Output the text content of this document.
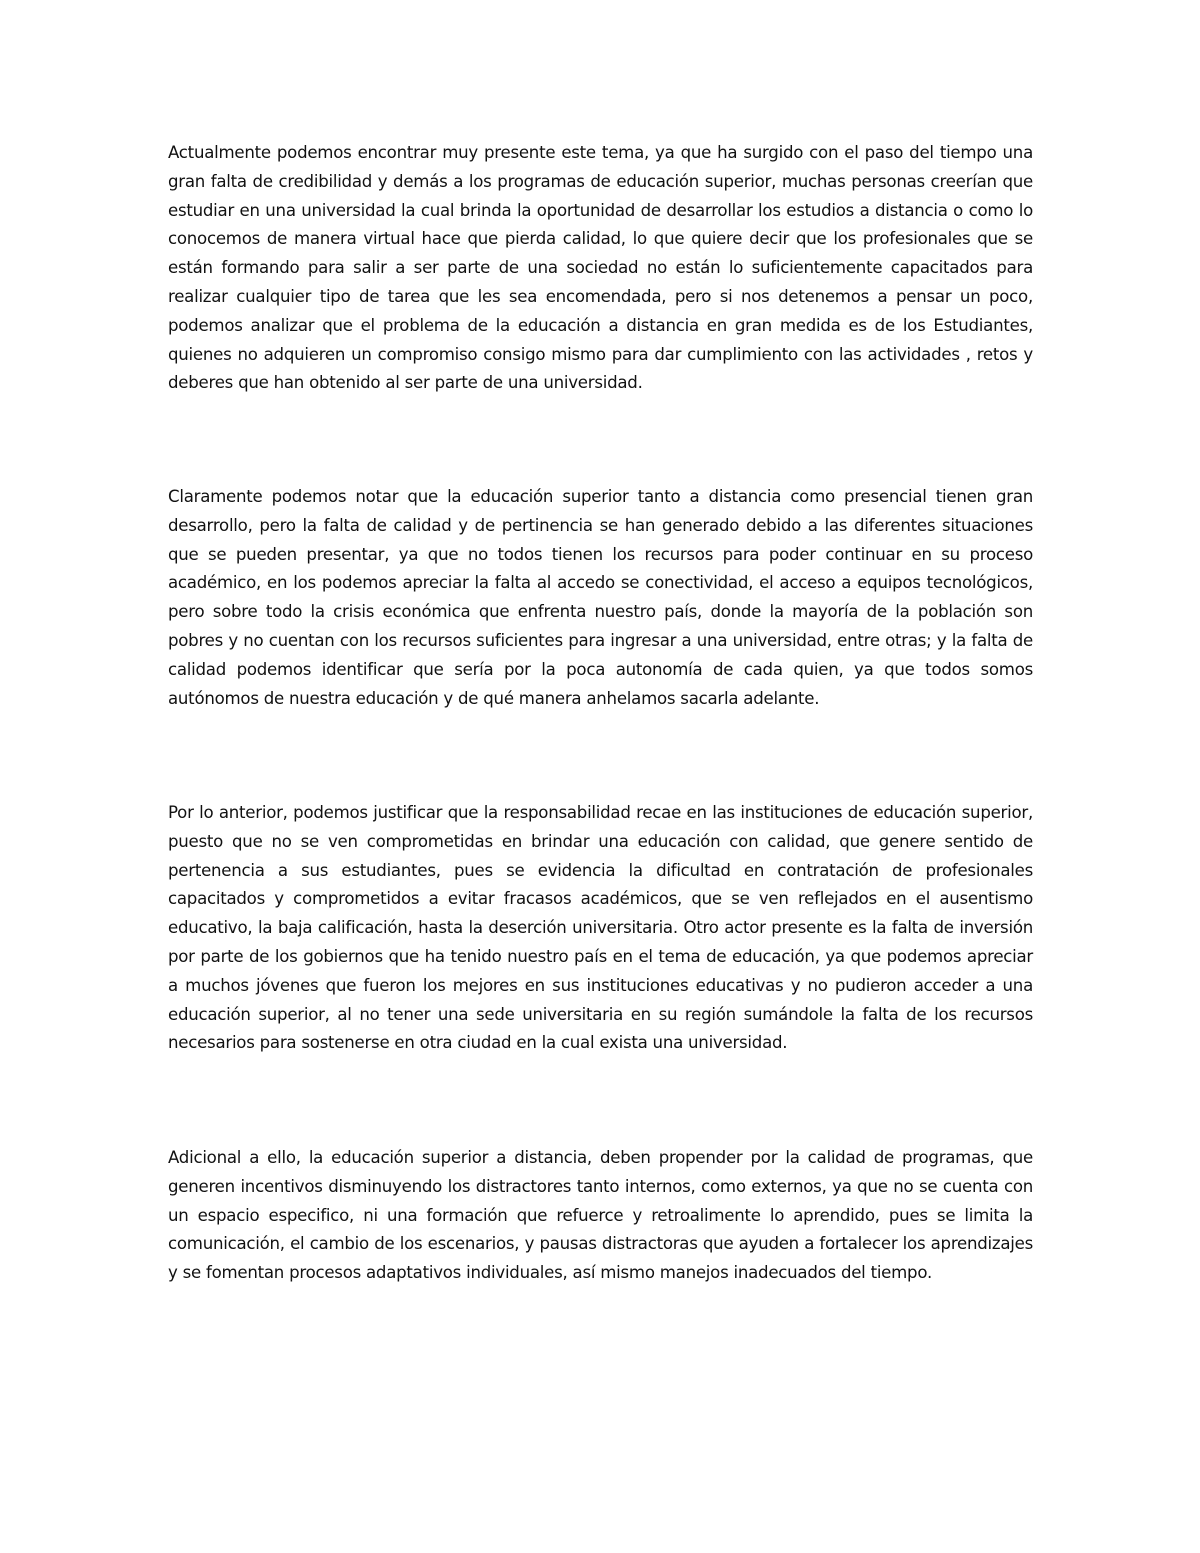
Actualmente podemos encontrar muy presente este tema, ya que ha surgido con el paso del tiempo una gran falta de credibilidad y demás a los programas de educación superior, muchas personas creerían que estudiar en una universidad la cual brinda la oportunidad de desarrollar los estudios a distancia o como lo conocemos de manera virtual hace que pierda calidad, lo que quiere decir que los profesionales que se están formando para salir a ser parte de una sociedad no están lo suficientemente capacitados para realizar cualquier tipo de tarea que les sea encomendada, pero si nos detenemos a pensar un poco, podemos analizar que el problema de la educación a distancia en gran medida es de los Estudiantes, quienes no adquieren un compromiso consigo mismo para dar cumplimiento con las actividades , retos y deberes que han obtenido al ser parte de una universidad.

Claramente podemos notar que la educación superior tanto a distancia como presencial tienen gran desarrollo, pero la falta de calidad y de pertinencia se han generado debido a las diferentes situaciones que se pueden presentar, ya que no todos tienen los recursos para poder continuar en su proceso académico, en los podemos apreciar la falta al accedo se conectividad, el acceso a equipos tecnológicos, pero sobre todo la crisis económica que enfrenta nuestro país, donde la mayoría de la población son pobres y no cuentan con los recursos suficientes para ingresar a una universidad, entre otras; y la falta de calidad podemos identificar que sería por la poca autonomía de cada quien, ya que todos somos autónomos de nuestra educación y de qué manera anhelamos sacarla adelante.

Por lo anterior, podemos justificar que la responsabilidad recae en las instituciones de educación superior, puesto que no se ven comprometidas en brindar una educación con calidad, que genere sentido de pertenencia a sus estudiantes, pues se evidencia la dificultad en contratación de profesionales capacitados y comprometidos a evitar fracasos académicos, que se ven reflejados en el ausentismo educativo, la baja calificación, hasta la deserción universitaria. Otro actor presente es la falta de inversión por parte de los gobiernos que ha tenido nuestro país en el tema de educación, ya que podemos apreciar a muchos jóvenes que fueron los mejores en sus instituciones educativas y no pudieron acceder a una educación superior, al no tener una sede universitaria en su región sumándole la falta de los recursos necesarios para sostenerse en otra ciudad en la cual exista una universidad.

Adicional a ello, la educación superior a distancia, deben propender por la calidad de programas, que generen incentivos disminuyendo los distractores tanto internos, como externos, ya que no se cuenta con un espacio especifico, ni una formación que refuerce y retroalimente lo aprendido, pues se limita la comunicación, el cambio de los escenarios, y pausas distractoras que ayuden a fortalecer los aprendizajes y se fomentan procesos adaptativos individuales, así mismo manejos inadecuados del tiempo.
